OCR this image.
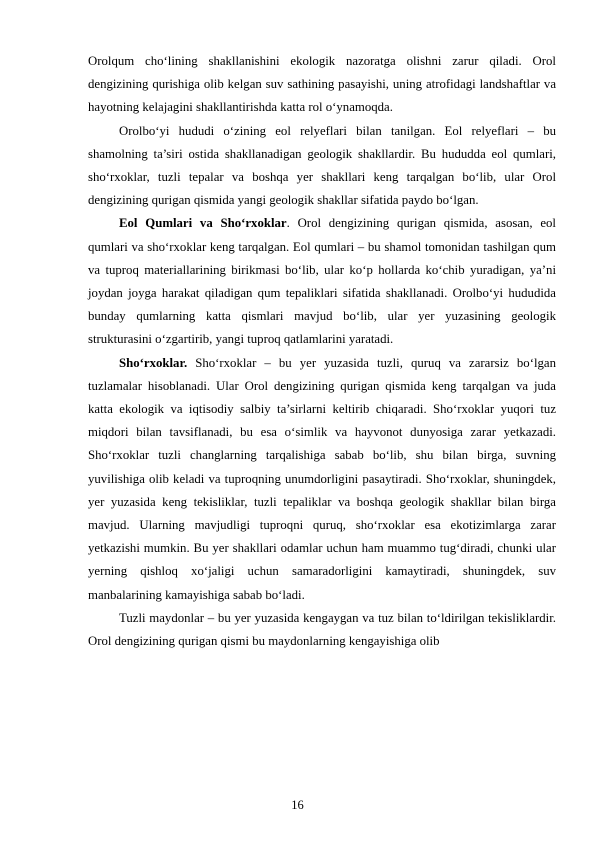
Orolqum cho‘lining shakllanishini ekologik nazoratga olishni zarur qiladi. Orol dengizining qurishiga olib kelgan suv sathining pasayishi, uning atrofidagi landshaftlar va hayotning kelajagini shakllantirishda katta rol o‘ynamoqda.

Orolbo‘yi hududi o‘zining eol relyeflari bilan tanilgan. Eol relyeflari – bu shamolning ta’siri ostida shakllanadigan geologik shakllardir. Bu hududda eol qumlari, sho‘rxoklar, tuzli tepalar va boshqa yer shakllari keng tarqalgan bo‘lib, ular Orol dengizining qurigan qismida yangi geologik shakllar sifatida paydo bo‘lgan.

Eol Qumlari va Sho‘rxoklar. Orol dengizining qurigan qismida, asosan, eol qumlari va sho‘rxoklar keng tarqalgan. Eol qumlari – bu shamol tomonidan tashilgan qum va tuproq materiallarining birikmasi bo‘lib, ular ko‘p hollarda ko‘chib yuradigan, ya’ni joydan joyga harakat qiladigan qum tepaliklari sifatida shakllanadi. Orolbo‘yi hududida bunday qumlarning katta qismlari mavjud bo‘lib, ular yer yuzasining geologik strukturasini o‘zgartirib, yangi tuproq qatlamlarini yaratadi.

Sho‘rxoklar. Sho‘rxoklar – bu yer yuzasida tuzli, quruq va zararsiz bo‘lgan tuzlamalar hisoblanadi. Ular Orol dengizining qurigan qismida keng tarqalgan va juda katta ekologik va iqtisodiy salbiy ta’sirlarni keltirib chiqaradi. Sho‘rxoklar yuqori tuz miqdori bilan tavsiflanadi, bu esa o‘simlik va hayvonot dunyosiga zarar yetkazadi. Sho‘rxoklar tuzli changlarning tarqalishiga sabab bo‘lib, shu bilan birga, suvning yuvilishiga olib keladi va tuproqning unumdorligini pasaytiradi. Sho‘rxoklar, shuningdek, yer yuzasida keng tekisliklar, tuzli tepaliklar va boshqa geologik shakllar bilan birga mavjud. Ularning mavjudligi tuproqni quruq, sho‘rxoklar esa ekotizimlarga zarar yetkazishi mumkin. Bu yer shakllari odamlar uchun ham muammo tug‘diradi, chunki ular yerning qishloq xo‘jaligi uchun samaradorligini kamaytiradi, shuningdek, suv manbalarining kamayishiga sabab bo‘ladi.

Tuzli maydonlar – bu yer yuzasida kengaygan va tuz bilan to‘ldirilgan tekisliklardir. Orol dengizining qurigan qismi bu maydonlarning kengayishiga olib

16
